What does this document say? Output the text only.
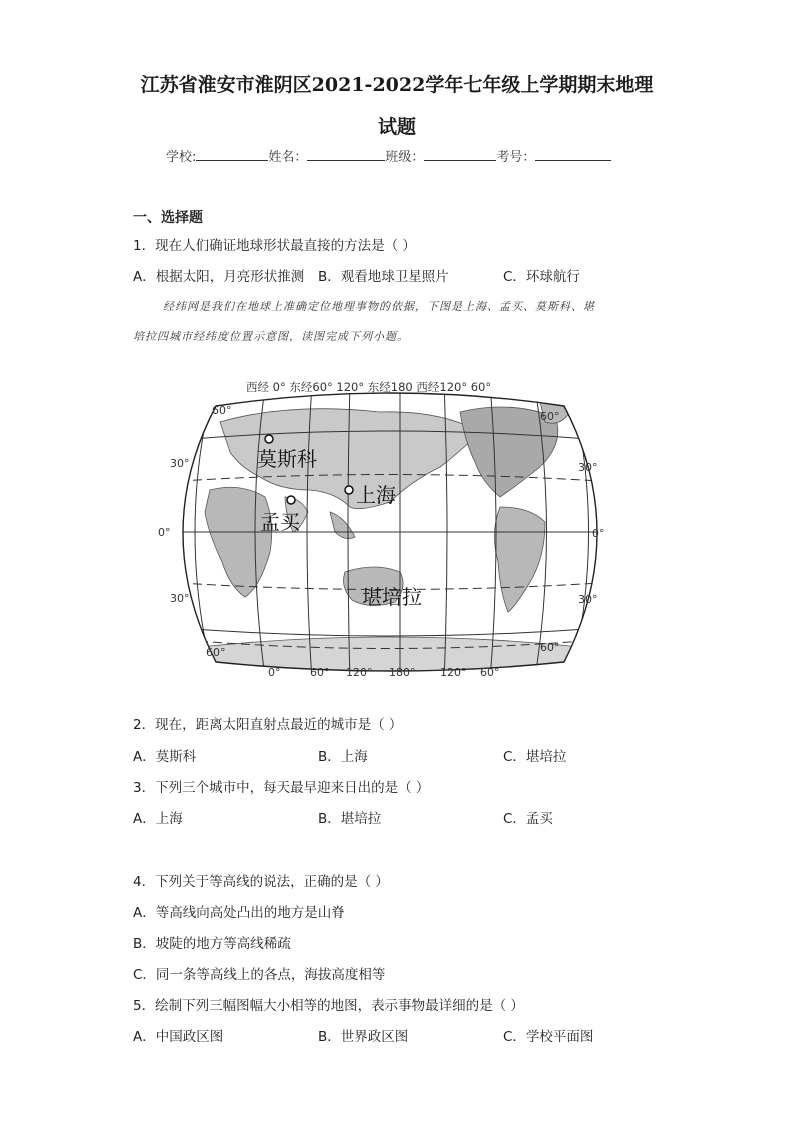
江苏省淮安市淮阴区2021-2022学年七年级上学期期末地理
试题
学校:	姓名：	班级：	考号：
一、选择题
1．现在人们确证地球形状最直接的方法是（ ）
A．根据太阳，月亮形状推测 B．观看地球卫星照片	C．环球航行
经纬网是我们在地球上准确定位地理事物的依据，下图是上海、孟买、莫斯科、堪
培拉四城市经纬度位置示意图，读图完成下列小题。
西经 0° 东经60° 120° 东经180 西经120° 60°
60°
30°
0°
30°
60°
60°
30°
0°
30°
60°
莫斯科
上海
孟买
堪培拉
0°	60° 120° 180° 120° 60°
2．现在，距离太阳直射点最近的城市是（ ）
A．莫斯科	B．上海	C．堪培拉
3．下列三个城市中，每天最早迎来日出的是（ ）
A．上海	B．堪培拉	C．孟买
4．下列关于等高线的说法，正确的是（ ）
A．等高线向高处凸出的地方是山脊
B．坡陡的地方等高线稀疏
C．同一条等高线上的各点，海拔高度相等
5．绘制下列三幅图幅大小相等的地图，表示事物最详细的是（ ）
A．中国政区图	B．世界政区图	C．学校平面图
